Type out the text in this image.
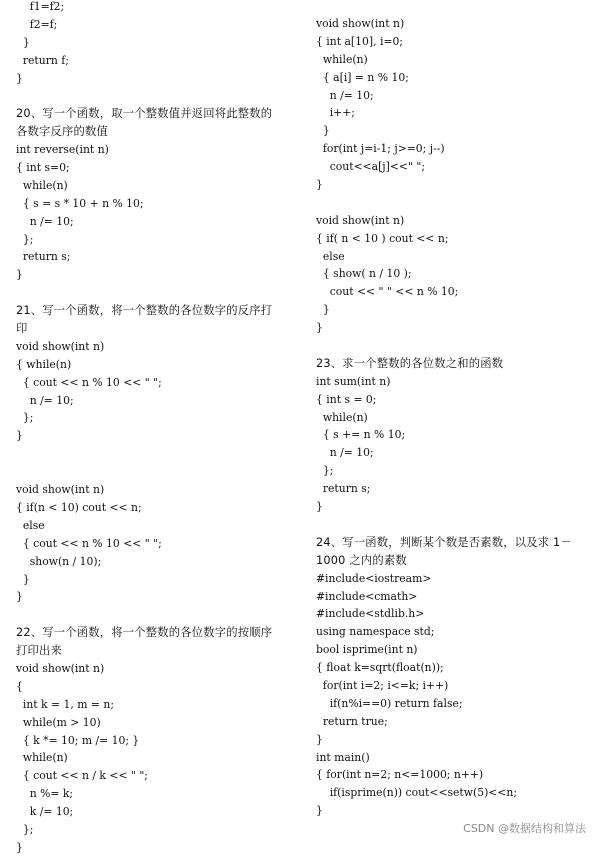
f1=f2;
f2=f;
}
return f;
}
20、写一个函数，取一个整数值并返回将此整数的
各数字反序的数值
int reverse(int n)
{ int s=0;
while(n)
{ s = s * 10 + n % 10;
n /= 10;
};
return s;
}
21、写一个函数，将一个整数的各位数字的反序打
印
void show(int n)
{ while(n)
{ cout << n % 10 << " ";
n /= 10;
};
}
void show(int n)
{ if(n < 10) cout << n;
else
{ cout << n % 10 << " ";
show(n / 10);
}
}
22、写一个函数，将一个整数的各位数字的按顺序
打印出来
void show(int n)
{
int k = 1, m = n;
while(m > 10)
{ k *= 10; m /= 10; }
while(n)
{ cout << n / k << " ";
n %= k;
k /= 10;
};
}
void show(int n)
{ int a[10], i=0;
while(n)
{ a[i] = n % 10;
n /= 10;
i++;
}
for(int j=i-1; j>=0; j--)
cout<<a[j]<<" ";
}
void show(int n)
{ if( n < 10 ) cout << n;
else
{ show( n / 10 );
cout << " " << n % 10;
}
}
23、求一个整数的各位数之和的函数
int sum(int n)
{ int s = 0;
while(n)
{ s += n % 10;
n /= 10;
};
return s;
}
24、写一函数，判断某个数是否素数，以及求 1－
1000 之内的素数
#include<iostream>
#include<cmath>
#include<stdlib.h>
using namespace std;
bool isprime(int n)
{ float k=sqrt(float(n));
for(int i=2; i<=k; i++)
if(n%i==0) return false;
return true;
}
int main()
{ for(int n=2; n<=1000; n++)
if(isprime(n)) cout<<setw(5)<<n;
}
CSDN @数据结构和算法
